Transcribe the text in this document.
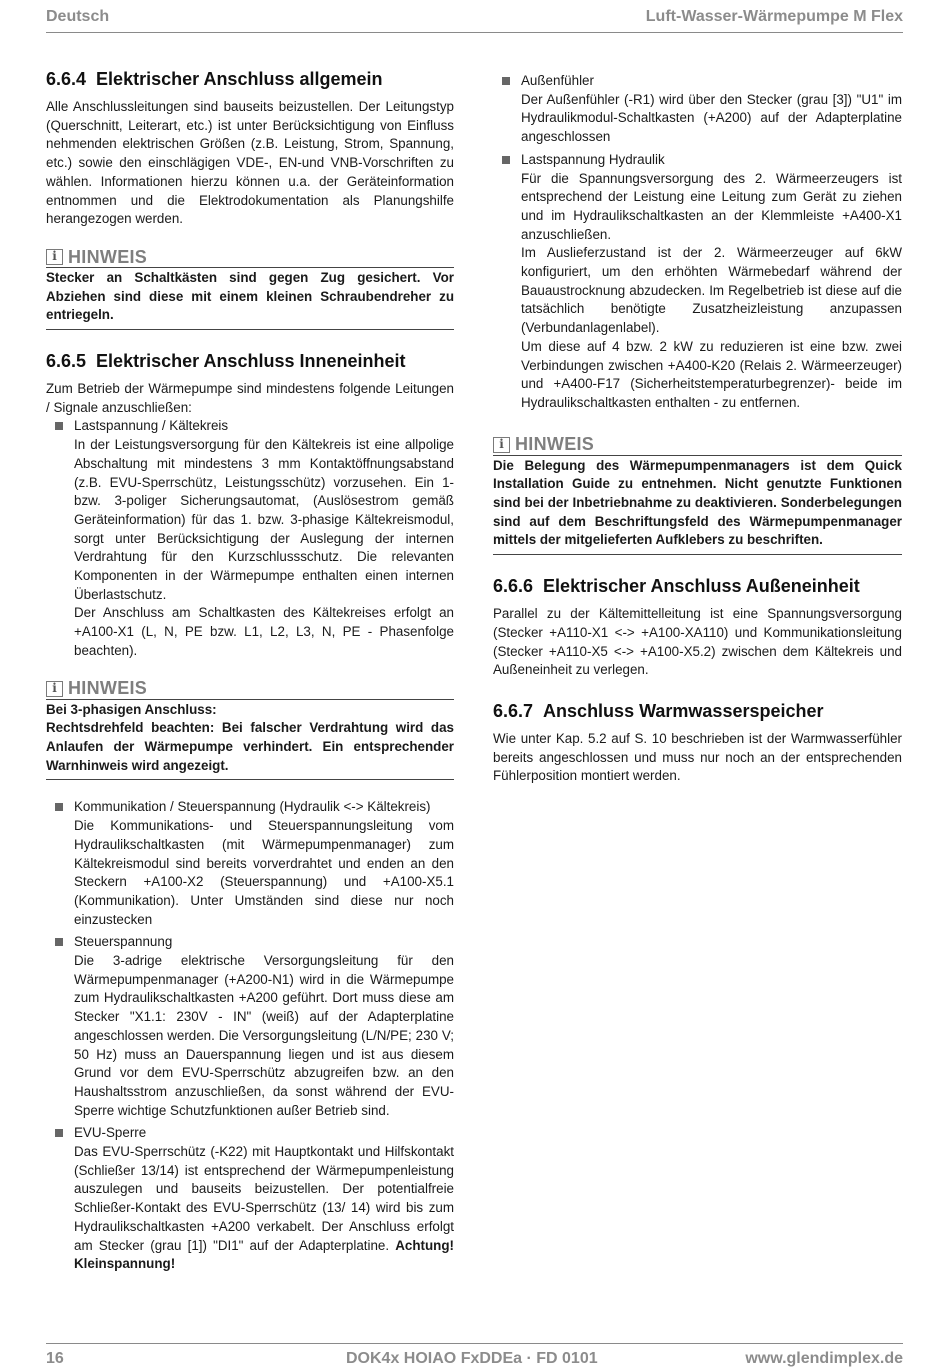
Deutsch	Luft-Wasser-Wärmepumpe M Flex
6.6.4 Elektrischer Anschluss allgemein

Alle Anschlussleitungen sind bauseits beizustellen. Der Leitungstyp (Querschnitt, Leiterart, etc.) ist unter Berücksichtigung von Einfluss nehmenden elektrischen Größen (z.B. Leistung, Strom, Spannung, etc.) sowie den einschlägigen VDE-, EN-und VNB-Vorschriften zu wählen. Informationen hierzu können u.a. der Geräteinformation entnommen und die Elektrodokumentation als Planungshilfe herangezogen werden.

i HINWEIS
Stecker an Schaltkästen sind gegen Zug gesichert. Vor Abziehen sind diese mit einem kleinen Schraubendreher zu entriegeln.
6.6.5 Elektrischer Anschluss Inneneinheit

Zum Betrieb der Wärmepumpe sind mindestens folgende Leitungen / Signale anzuschließen:

Lastspannung / Kältekreis
In der Leistungsversorgung für den Kältekreis ist eine allpolige Abschaltung mit mindestens 3 mm Kontaktöffnungsabstand (z.B. EVU-Sperrschütz, Leistungsschütz) vorzusehen. Ein 1- bzw. 3-poliger Sicherungsautomat, (Auslösestrom gemäß Geräteinformation) für das 1. bzw. 3-phasige Kältekreismodul, sorgt unter Berücksichtigung der Auslegung der internen Verdrahtung für den Kurzschlussschutz. Die relevanten Komponenten in der Wärmepumpe enthalten einen internen Überlastschutz.
Der Anschluss am Schaltkasten des Kältekreises erfolgt an +A100-X1 (L, N, PE bzw. L1, L2, L3, N, PE - Phasenfolge beachten).
i HINWEIS
Bei 3-phasigen Anschluss:
Rechtsdrehfeld beachten: Bei falscher Verdrahtung wird das Anlaufen der Wärmepumpe verhindert. Ein entsprechender Warnhinweis wird angezeigt.
Kommunikation / Steuerspannung (Hydraulik <-> Kältekreis)
Die Kommunikations- und Steuerspannungsleitung vom Hydraulikschaltkasten (mit Wärmepumpenmanager) zum Kältekreismodul sind bereits vorverdrahtet und enden an den Steckern +A100-X2 (Steuerspannung) und +A100-X5.1 (Kommunikation). Unter Umständen sind diese nur noch einzustecken
Steuerspannung
Die 3-adrige elektrische Versorgungsleitung für den Wärmepumpenmanager (+A200-N1) wird in die Wärmepumpe zum Hydraulikschaltkasten +A200 geführt. Dort muss diese am Stecker "X1.1: 230V - IN" (weiß) auf der Adapterplatine angeschlossen werden. Die Versorgungsleitung (L/N/PE; 230 V; 50 Hz) muss an Dauerspannung liegen und ist aus diesem Grund vor dem EVU-Sperrschütz abzugreifen bzw. an den Haushaltsstrom anzuschließen, da sonst während der EVU- Sperre wichtige Schutzfunktionen außer Betrieb sind.
EVU-Sperre
Das EVU-Sperrschütz (-K22) mit Hauptkontakt und Hilfskontakt (Schließer 13/14) ist entsprechend der Wärmepumpenleistung auszulegen und bauseits beizustellen. Der potentialfreie Schließer-Kontakt des EVU-Sperrschütz (13/ 14) wird bis zum Hydraulikschaltkasten +A200 verkabelt. Der Anschluss erfolgt am Stecker (grau [1]) "DI1" auf der Adapterplatine. Achtung! Kleinspannung!
Außenfühler
Der Außenfühler (-R1) wird über den Stecker (grau [3]) "U1" im Hydraulikmodul-Schaltkasten (+A200) auf der Adapterplatine angeschlossen
Lastspannung Hydraulik
Für die Spannungsversorgung des 2. Wärmeerzeugers ist entsprechend der Leistung eine Leitung zum Gerät zu ziehen und im Hydraulikschaltkasten an der Klemmleiste +A400-X1 anzuschließen.
Im Auslieferzustand ist der 2. Wärmeerzeuger auf 6kW konfiguriert, um den erhöhten Wärmebedarf während der Bauaustrocknung abzudecken. Im Regelbetrieb ist diese auf die tatsächlich benötigte Zusatzheizleistung anzupassen (Verbundanlagenlabel).
Um diese auf 4 bzw. 2 kW zu reduzieren ist eine bzw. zwei Verbindungen zwischen +A400-K20 (Relais 2. Wärmeerzeuger) und +A400-F17 (Sicherheitstemperaturbegrenzer)- beide im Hydraulikschaltkasten enthalten - zu entfernen.
i HINWEIS
Die Belegung des Wärmepumpenmanagers ist dem Quick Installation Guide zu entnehmen. Nicht genutzte Funktionen sind bei der Inbetriebnahme zu deaktivieren. Sonderbelegungen sind auf dem Beschriftungsfeld des Wärmepumpenmanager mittels der mitgelieferten Aufklebers zu beschriften.
6.6.6 Elektrischer Anschluss Außeneinheit

Parallel zu der Kältemittelleitung ist eine Spannungsversorgung (Stecker +A110-X1 <-> +A100-XA110) und Kommunikationsleitung (Stecker +A110-X5 <-> +A100-X5.2) zwischen dem Kältekreis und Außeneinheit zu verlegen.

6.6.7 Anschluss Warmwasserspeicher

Wie unter Kap. 5.2 auf S. 10 beschrieben ist der Warmwasserfühler bereits angeschlossen und muss nur noch an der entsprechenden Fühlerposition montiert werden.

16	DOK4x HOIAO FxDDEa · FD 0101	www.glendimplex.de
